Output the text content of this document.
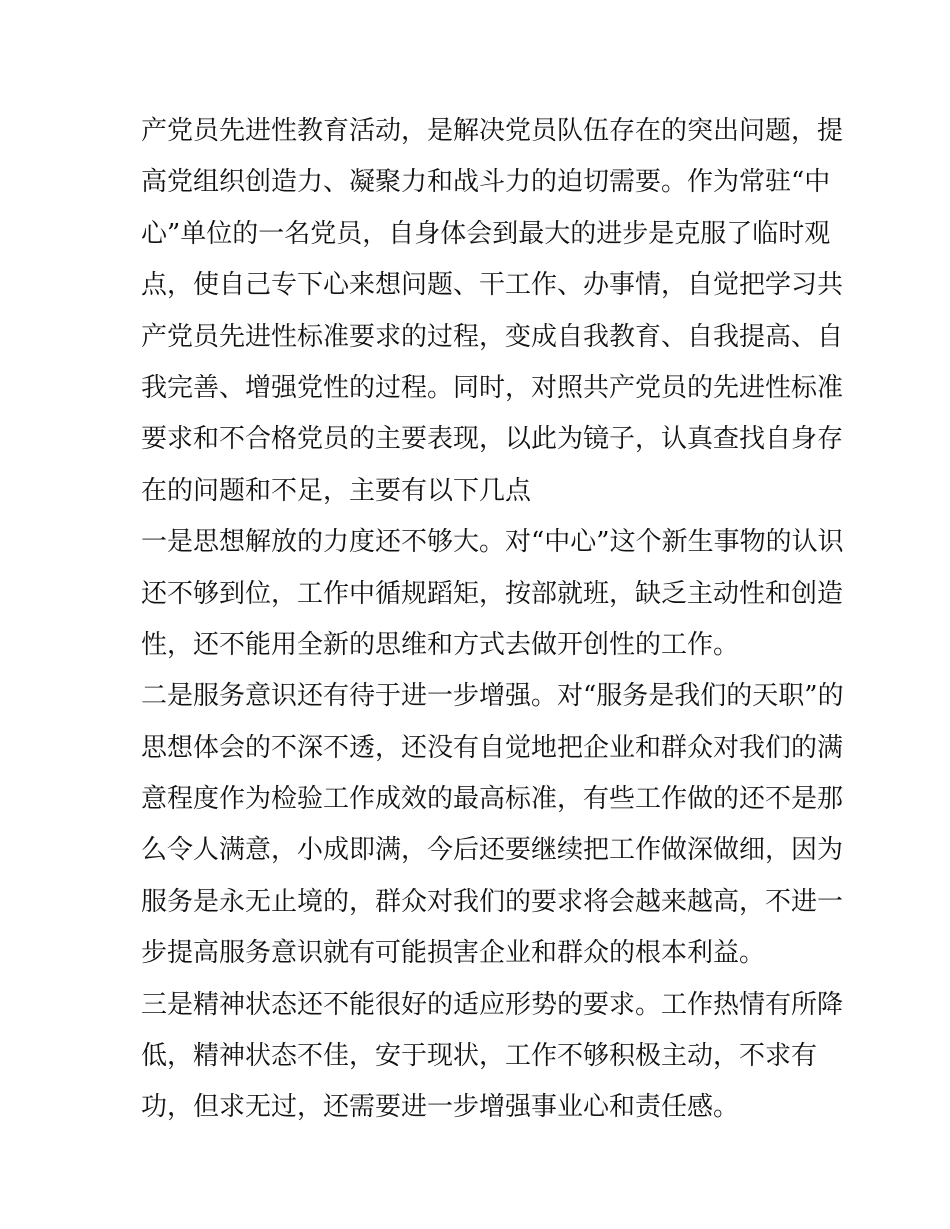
产党员先进性教育活动，是解决党员队伍存在的突出问题，提
高党组织创造力、凝聚力和战斗力的迫切需要。作为常驻“中
心”单位的一名党员，自身体会到最大的进步是克服了临时观
点，使自己专下心来想问题、干工作、办事情，自觉把学习共
产党员先进性标准要求的过程，变成自我教育、自我提高、自
我完善、增强党性的过程。同时，对照共产党员的先进性标准
要求和不合格党员的主要表现，以此为镜子，认真查找自身存
在的问题和不足，主要有以下几点
一是思想解放的力度还不够大。对“中心”这个新生事物的认识
还不够到位，工作中循规蹈矩，按部就班，缺乏主动性和创造
性，还不能用全新的思维和方式去做开创性的工作。
二是服务意识还有待于进一步增强。对“服务是我们的天职”的
思想体会的不深不透，还没有自觉地把企业和群众对我们的满
意程度作为检验工作成效的最高标准，有些工作做的还不是那
么令人满意，小成即满，今后还要继续把工作做深做细，因为
服务是永无止境的，群众对我们的要求将会越来越高，不进一
步提高服务意识就有可能损害企业和群众的根本利益。
三是精神状态还不能很好的适应形势的要求。工作热情有所降
低，精神状态不佳，安于现状，工作不够积极主动，不求有
功，但求无过，还需要进一步增强事业心和责任感。
